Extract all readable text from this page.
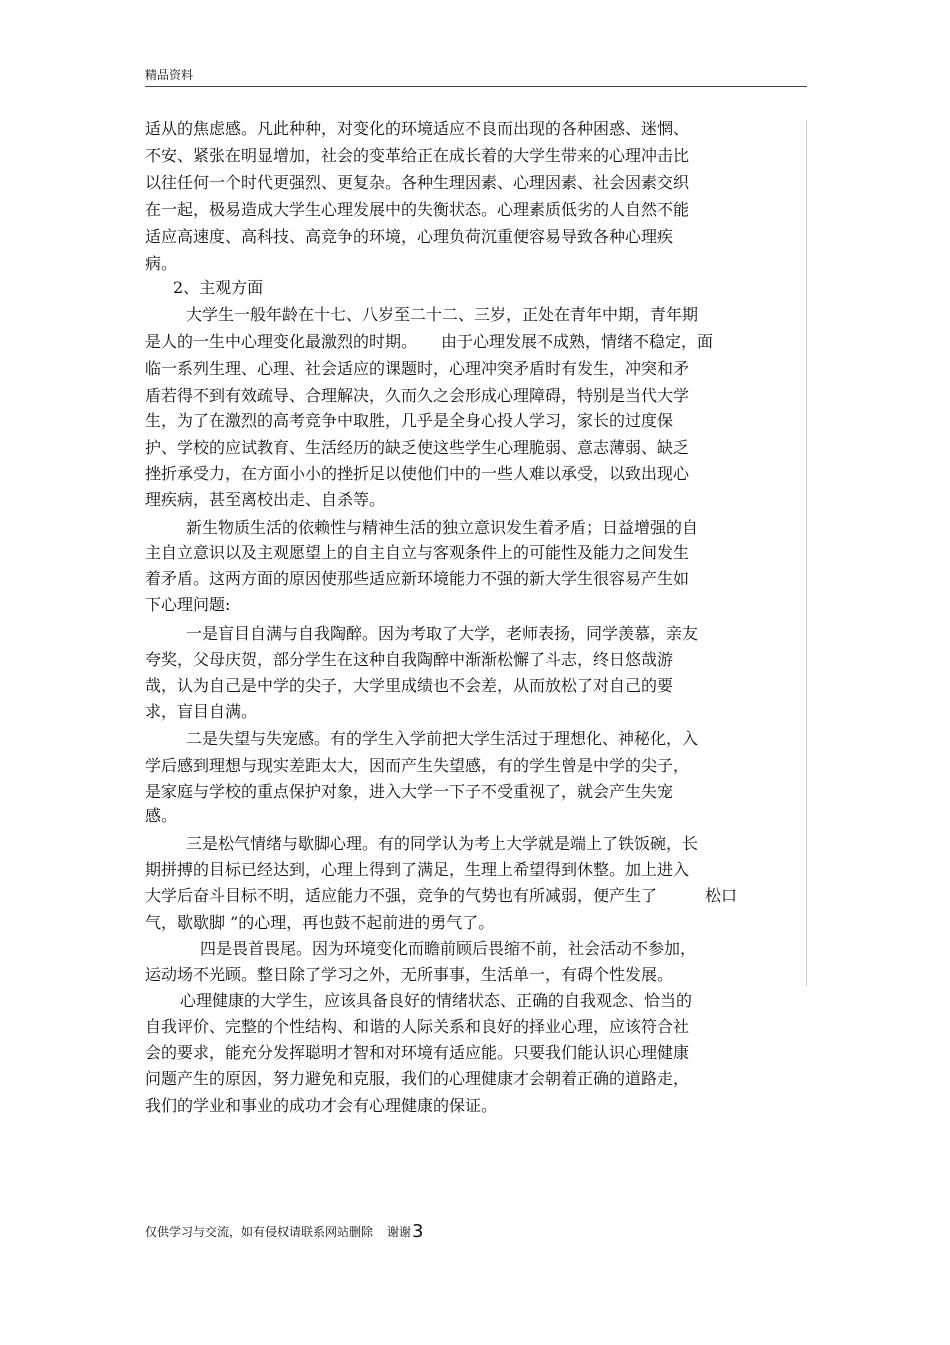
精品资料
适从的焦虑感。凡此种种，对变化的环境适应不良而出现的各种困惑、迷惘、
不安、紧张在明显增加，社会的变革给正在成长着的大学生带来的心理冲击比
以往任何一个时代更强烈、更复杂。各种生理因素、心理因素、社会因素交织
在一起，极易造成大学生心理发展中的失衡状态。心理素质低劣的人自然不能
适应高速度、高科技、高竞争的环境，心理负荷沉重便容易导致各种心理疾
病。
2、主观方面
大学生一般年龄在十七、八岁至二十二、三岁，正处在青年中期，青年期
是人的一生中心理变化最激烈的时期。　　由于心理发展不成熟，情绪不稳定，面
临一系列生理、心理、社会适应的课题时，心理冲突矛盾时有发生，冲突和矛
盾若得不到有效疏导、合理解决，久而久之会形成心理障碍，特别是当代大学
生，为了在激烈的高考竞争中取胜，几乎是全身心投人学习，家长的过度保
护、学校的应试教育、生活经历的缺乏使这些学生心理脆弱、意志薄弱、缺乏
挫折承受力，在方面小小的挫折足以使他们中的一些人难以承受，以致出现心
理疾病，甚至离校出走、自杀等。
新生物质生活的依赖性与精神生活的独立意识发生着矛盾；日益增强的自
主自立意识以及主观愿望上的自主自立与客观条件上的可能性及能力之间发生
着矛盾。这两方面的原因使那些适应新环境能力不强的新大学生很容易产生如
下心理问题:
一是盲目自满与自我陶醉。因为考取了大学，老师表扬，同学羡慕，亲友
夸奖，父母庆贺，部分学生在这种自我陶醉中渐渐松懈了斗志，终日悠哉游
哉，认为自己是中学的尖子，大学里成绩也不会差，从而放松了对自己的要
求，盲目自满。
二是失望与失宠感。有的学生入学前把大学生活过于理想化、神秘化，入
学后感到理想与现实差距太大，因而产生失望感，有的学生曾是中学的尖子，
是家庭与学校的重点保护对象，进入大学一下子不受重视了，就会产生失宠
感。
三是松气情绪与歇脚心理。有的同学认为考上大学就是端上了铁饭碗，长
期拼搏的目标已经达到，心理上得到了满足，生理上希望得到休整。加上进入
大学后奋斗目标不明，适应能力不强，竞争的气势也有所减弱，便产生了　　　松口
气，歇歇脚 ”的心理，再也鼓不起前进的勇气了。
四是畏首畏尾。因为环境变化而瞻前顾后畏缩不前，社会活动不参加，
运动场不光顾。整日除了学习之外，无所事事，生活单一，有碍个性发展。
心理健康的大学生，应该具备良好的情绪状态、正确的自我观念、恰当的
自我评价、完整的个性结构、和谐的人际关系和良好的择业心理，应该符合社
会的要求，能充分发挥聪明才智和对环境有适应能。只要我们能认识心理健康
问题产生的原因，努力避免和克服，我们的心理健康才会朝着正确的道路走，
我们的学业和事业的成功才会有心理健康的保证。
仅供学习与交流，如有侵权请联系网站删除 谢谢3
